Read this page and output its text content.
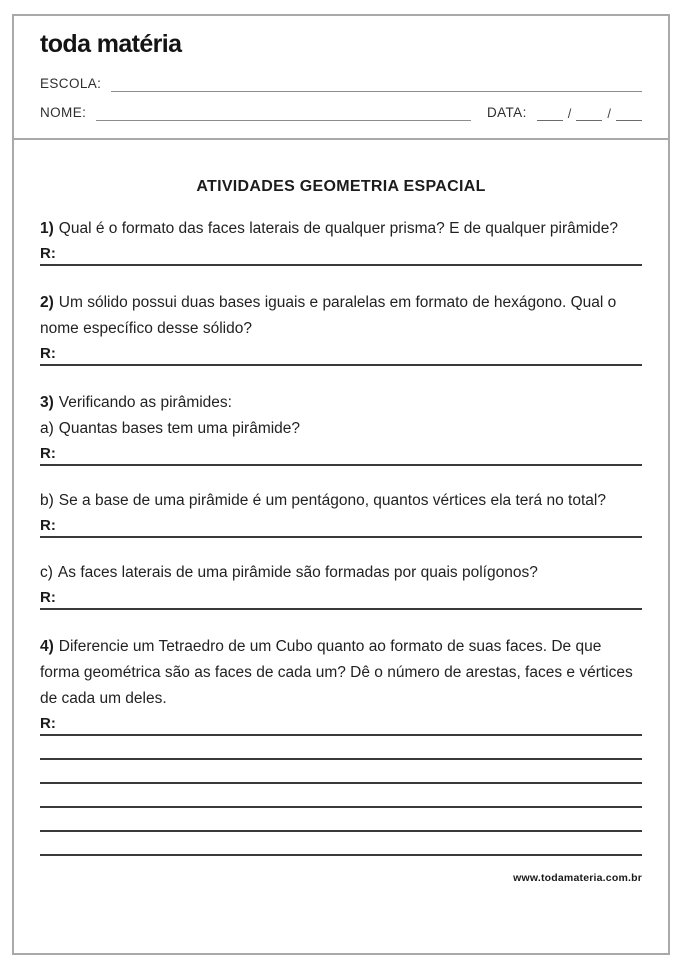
toda matéria
ESCOLA:
NOME:	DATA:	/	/
ATIVIDADES GEOMETRIA ESPACIAL

1) Qual é o formato das faces laterais de qualquer prisma? E de qualquer pirâmide?

R:

2) Um sólido possui duas bases iguais e paralelas em formato de hexágono. Qual o nome específico desse sólido?

R:

3) Verificando as pirâmides:

a) Quantas bases tem uma pirâmide?

R:

b) Se a base de uma pirâmide é um pentágono, quantos vértices ela terá no total?

R:

c) As faces laterais de uma pirâmide são formadas por quais polígonos?

R:

4) Diferencie um Tetraedro de um Cubo quanto ao formato de suas faces. De que forma geométrica são as faces de cada um? Dê o número de arestas, faces e vértices de cada um deles.

R:
www.todamateria.com.br
